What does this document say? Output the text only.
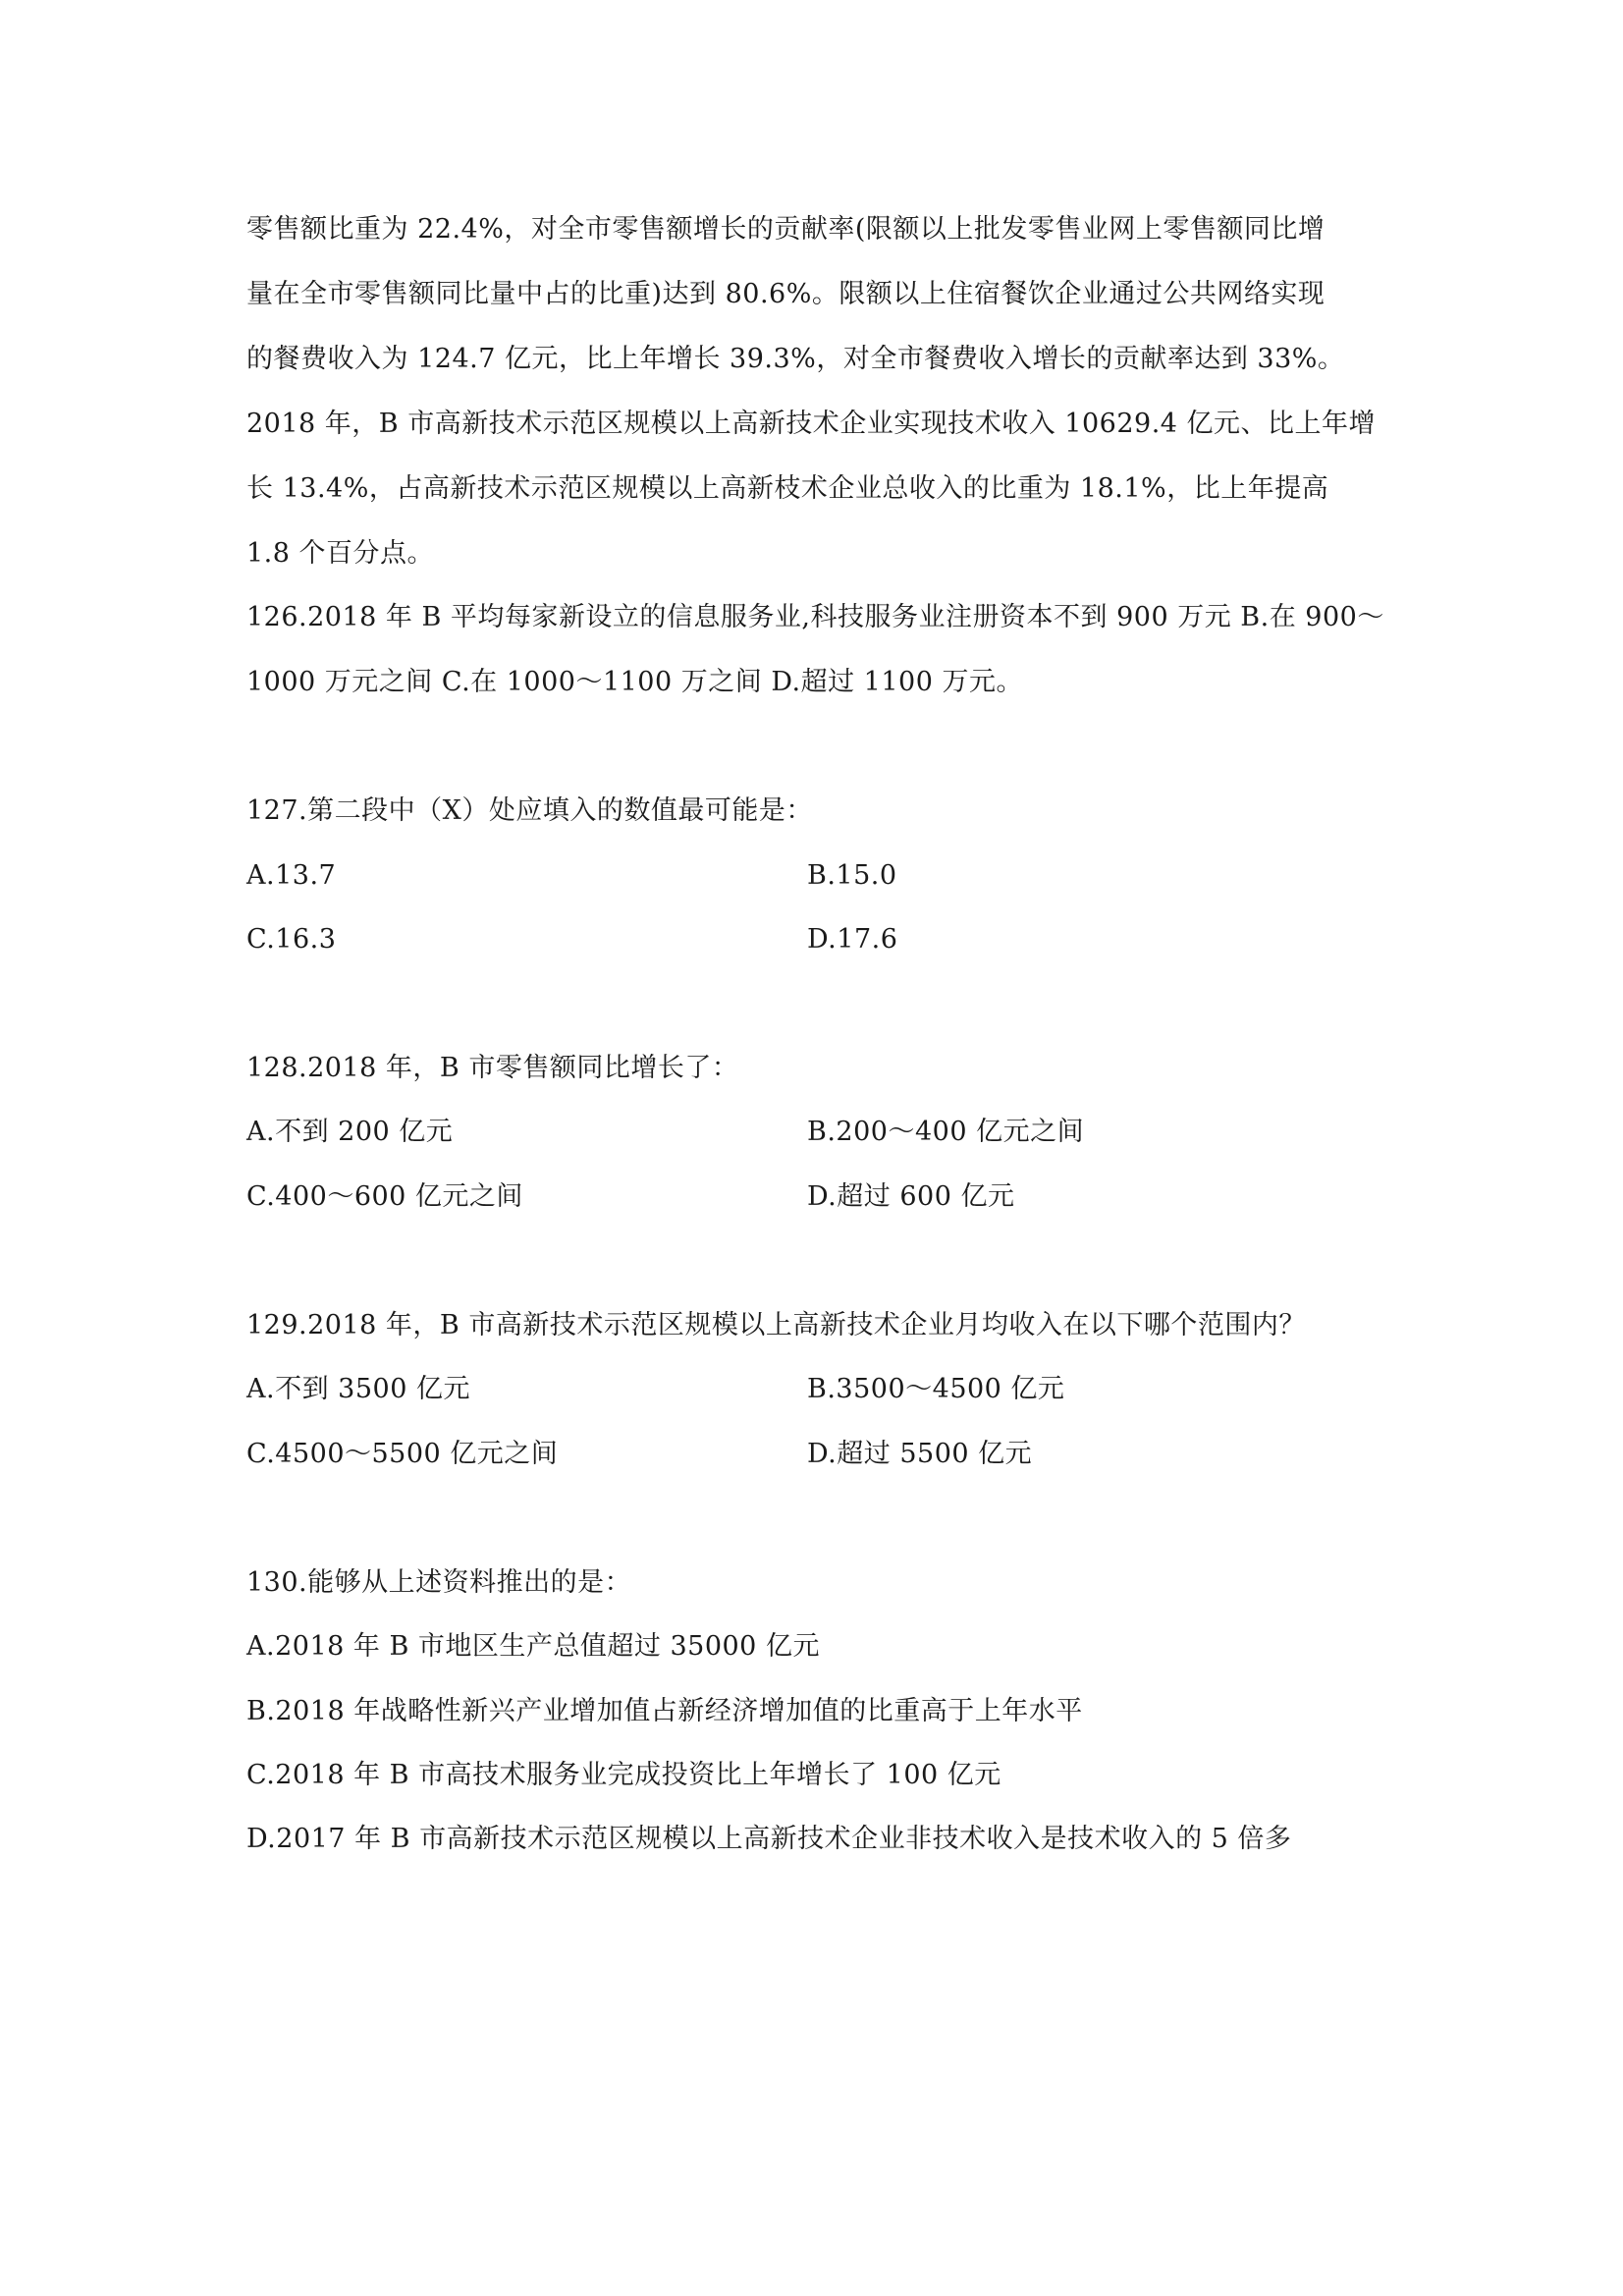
零售额比重为 22.4%，对全市零售额增长的贡献率(限额以上批发零售业网上零售额同比增
量在全市零售额同比量中占的比重)达到 80.6%。限额以上住宿餐饮企业通过公共网络实现
的餐费收入为 124.7 亿元，比上年增长 39.3%，对全市餐费收入增长的贡献率达到 33%。
2018 年，B 市高新技术示范区规模以上高新技术企业实现技术收入 10629.4 亿元、比上年增
长 13.4%，占高新技术示范区规模以上高新枝术企业总收入的比重为 18.1%，比上年提高
1.8 个百分点。
126.2018 年 B 平均每家新设立的信息服务业,科技服务业注册资本不到 900 万元 B.在 900～
1000 万元之间 C.在 1000～1100 万之间 D.超过 1100 万元。
127.第二段中（X）处应填入的数值最可能是：
A.13.7	B.15.0
C.16.3	D.17.6
128.2018 年，B 市零售额同比增长了：
A.不到 200 亿元	B.200～400 亿元之间
C.400～600 亿元之间	D.超过 600 亿元
129.2018 年，B 市高新技术示范区规模以上高新技术企业月均收入在以下哪个范围内？
A.不到 3500 亿元	B.3500～4500 亿元
C.4500～5500 亿元之间	D.超过 5500 亿元
130.能够从上述资料推出的是：
A.2018 年 B 市地区生产总值超过 35000 亿元
B.2018 年战略性新兴产业增加值占新经济增加值的比重高于上年水平
C.2018 年 B 市高技术服务业完成投资比上年增长了 100 亿元
D.2017 年 B 市高新技术示范区规模以上高新技术企业非技术收入是技术收入的 5 倍多
